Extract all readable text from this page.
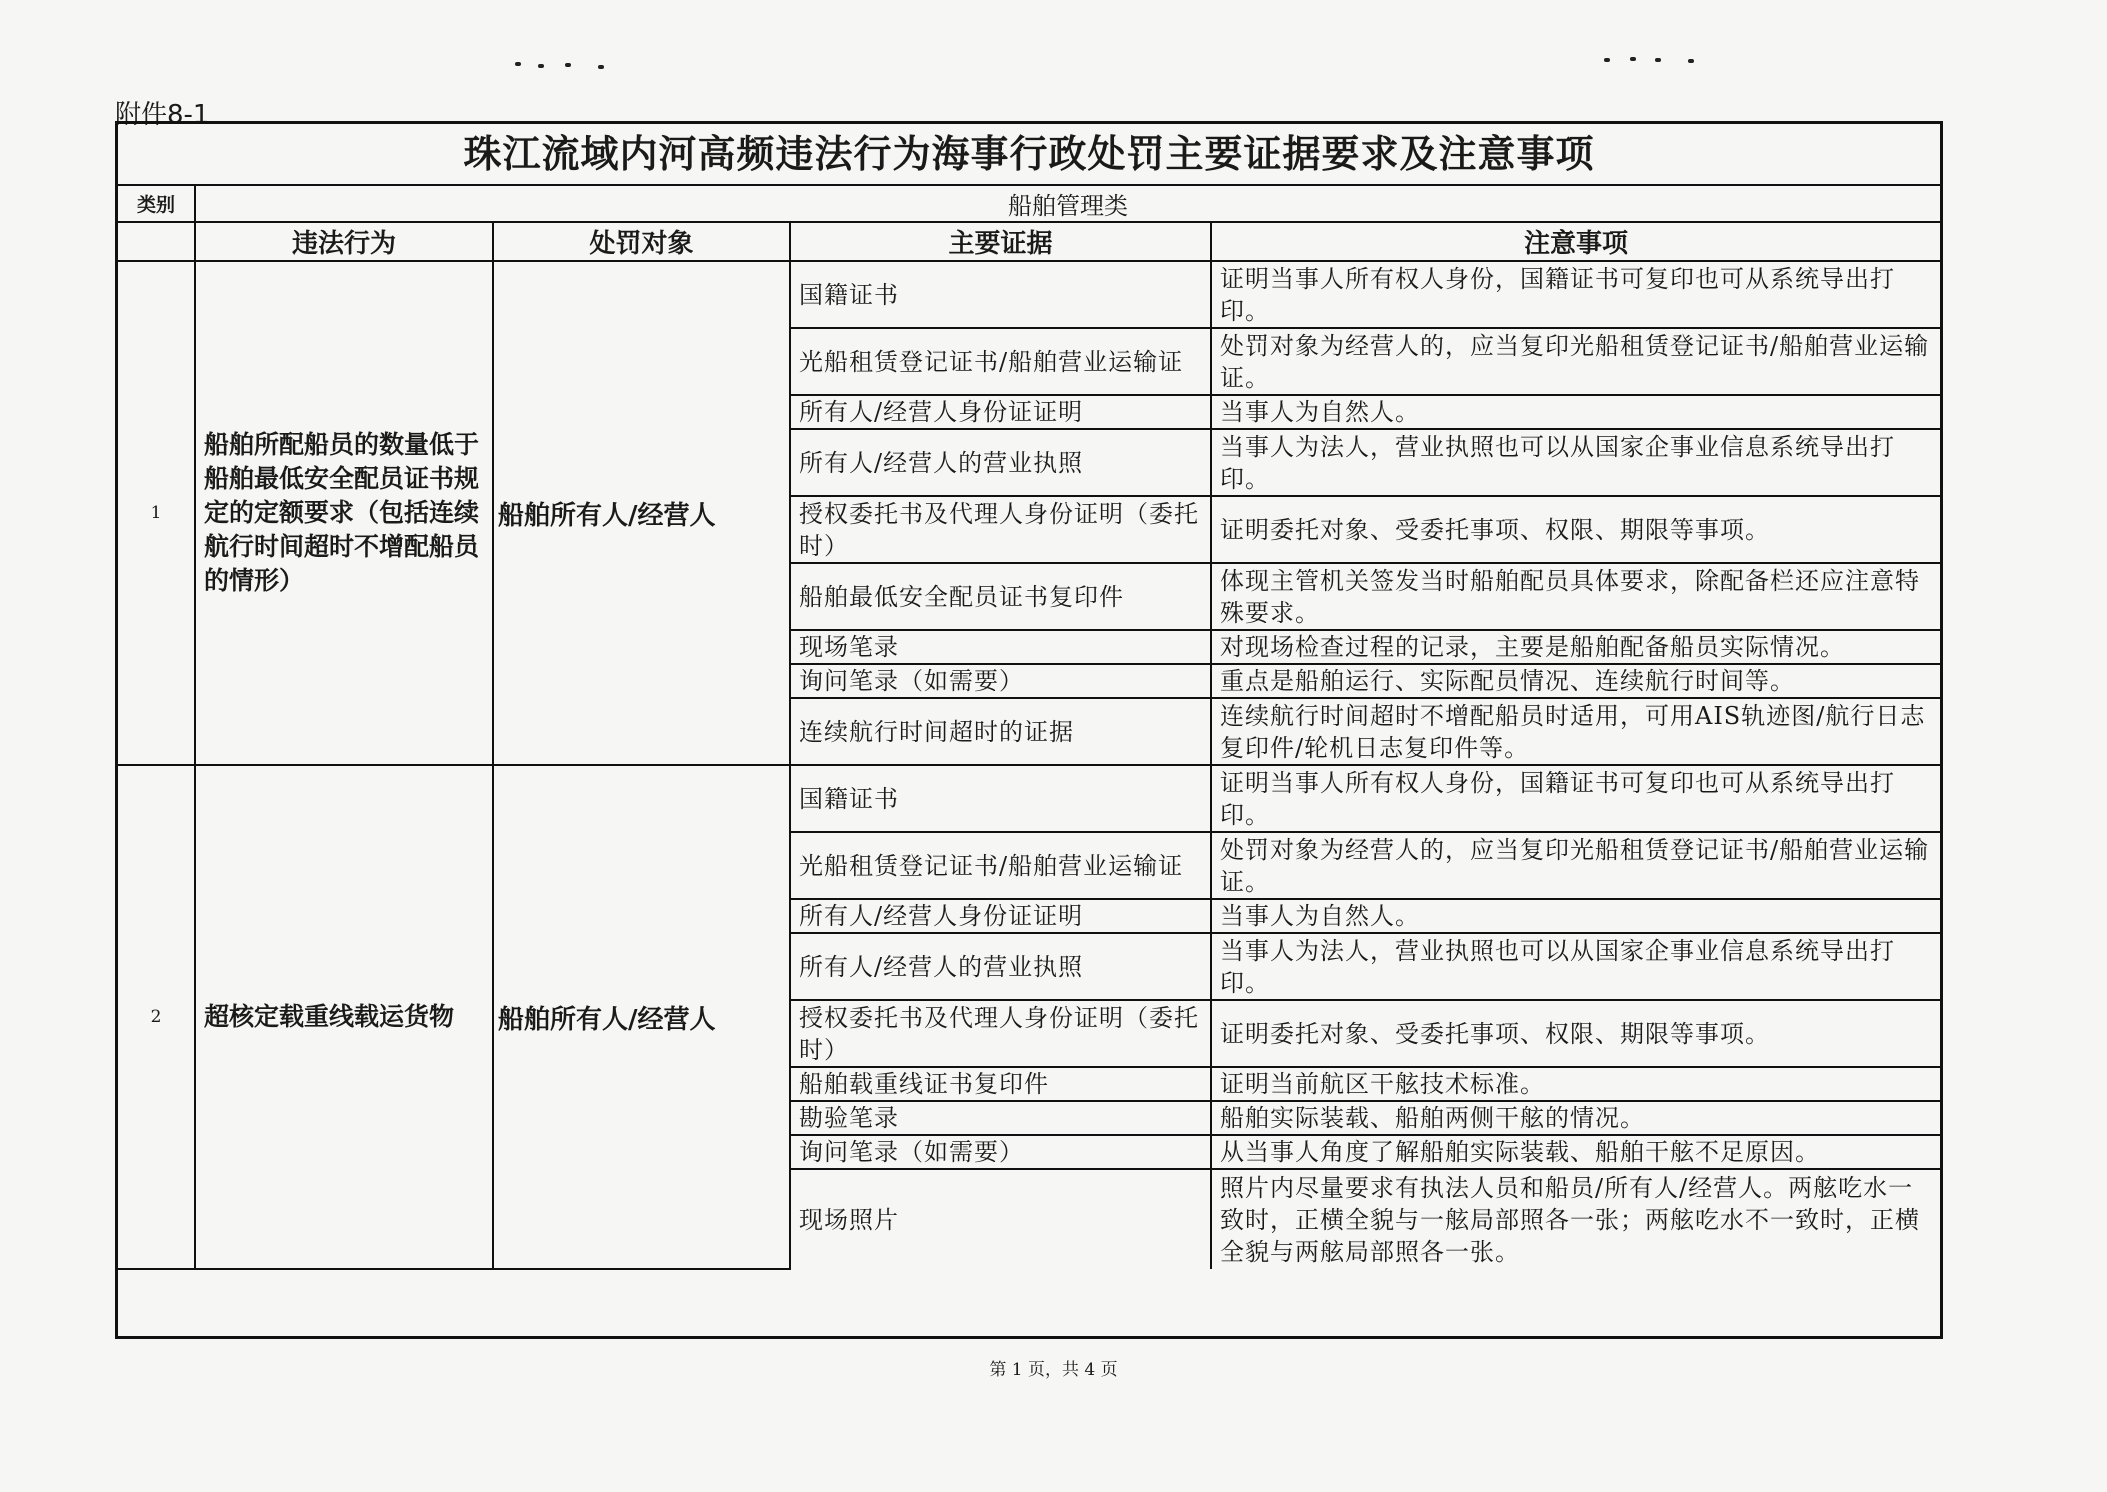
附件8-1
珠江流域内河高频违法行为海事行政处罚主要证据要求及注意事项
类别	船舶管理类			
	违法行为	处罚对象	主要证据	注意事项
1	船舶所配船员的数量低于船舶最低安全配员证书规定的定额要求（包括连续航行时间超时不增配船员的情形）	船舶所有人/经营人	国籍证书	证明当事人所有权人身份，国籍证书可复印也可从系统导出打印。
			光船租赁登记证书/船舶营业运输证	处罚对象为经营人的，应当复印光船租赁登记证书/船舶营业运输证。
			所有人/经营人身份证证明	当事人为自然人。
			所有人/经营人的营业执照	当事人为法人，营业执照也可以从国家企事业信息系统导出打印。
			授权委托书及代理人身份证明（委托时）	证明委托对象、受委托事项、权限、期限等事项。
			船舶最低安全配员证书复印件	体现主管机关签发当时船舶配员具体要求，除配备栏还应注意特殊要求。
			现场笔录	对现场检查过程的记录，主要是船舶配备船员实际情况。
			询问笔录（如需要）	重点是船舶运行、实际配员情况、连续航行时间等。
			连续航行时间超时的证据	连续航行时间超时不增配船员时适用，可用AIS轨迹图/航行日志复印件/轮机日志复印件等。
2	超核定载重线载运货物	船舶所有人/经营人	国籍证书	证明当事人所有权人身份，国籍证书可复印也可从系统导出打印。
			光船租赁登记证书/船舶营业运输证	处罚对象为经营人的，应当复印光船租赁登记证书/船舶营业运输证。
			所有人/经营人身份证证明	当事人为自然人。
			所有人/经营人的营业执照	当事人为法人，营业执照也可以从国家企事业信息系统导出打印。
			授权委托书及代理人身份证明（委托时）	证明委托对象、受委托事项、权限、期限等事项。
			船舶载重线证书复印件	证明当前航区干舷技术标准。
			勘验笔录	船舶实际装载、船舶两侧干舷的情况。
			询问笔录（如需要）	从当事人角度了解船舶实际装载、船舶干舷不足原因。
			现场照片	照片内尽量要求有执法人员和船员/所有人/经营人。两舷吃水一致时，正横全貌与一舷局部照各一张；两舷吃水不一致时，正横全貌与两舷局部照各一张。
第 1 页，共 4 页
